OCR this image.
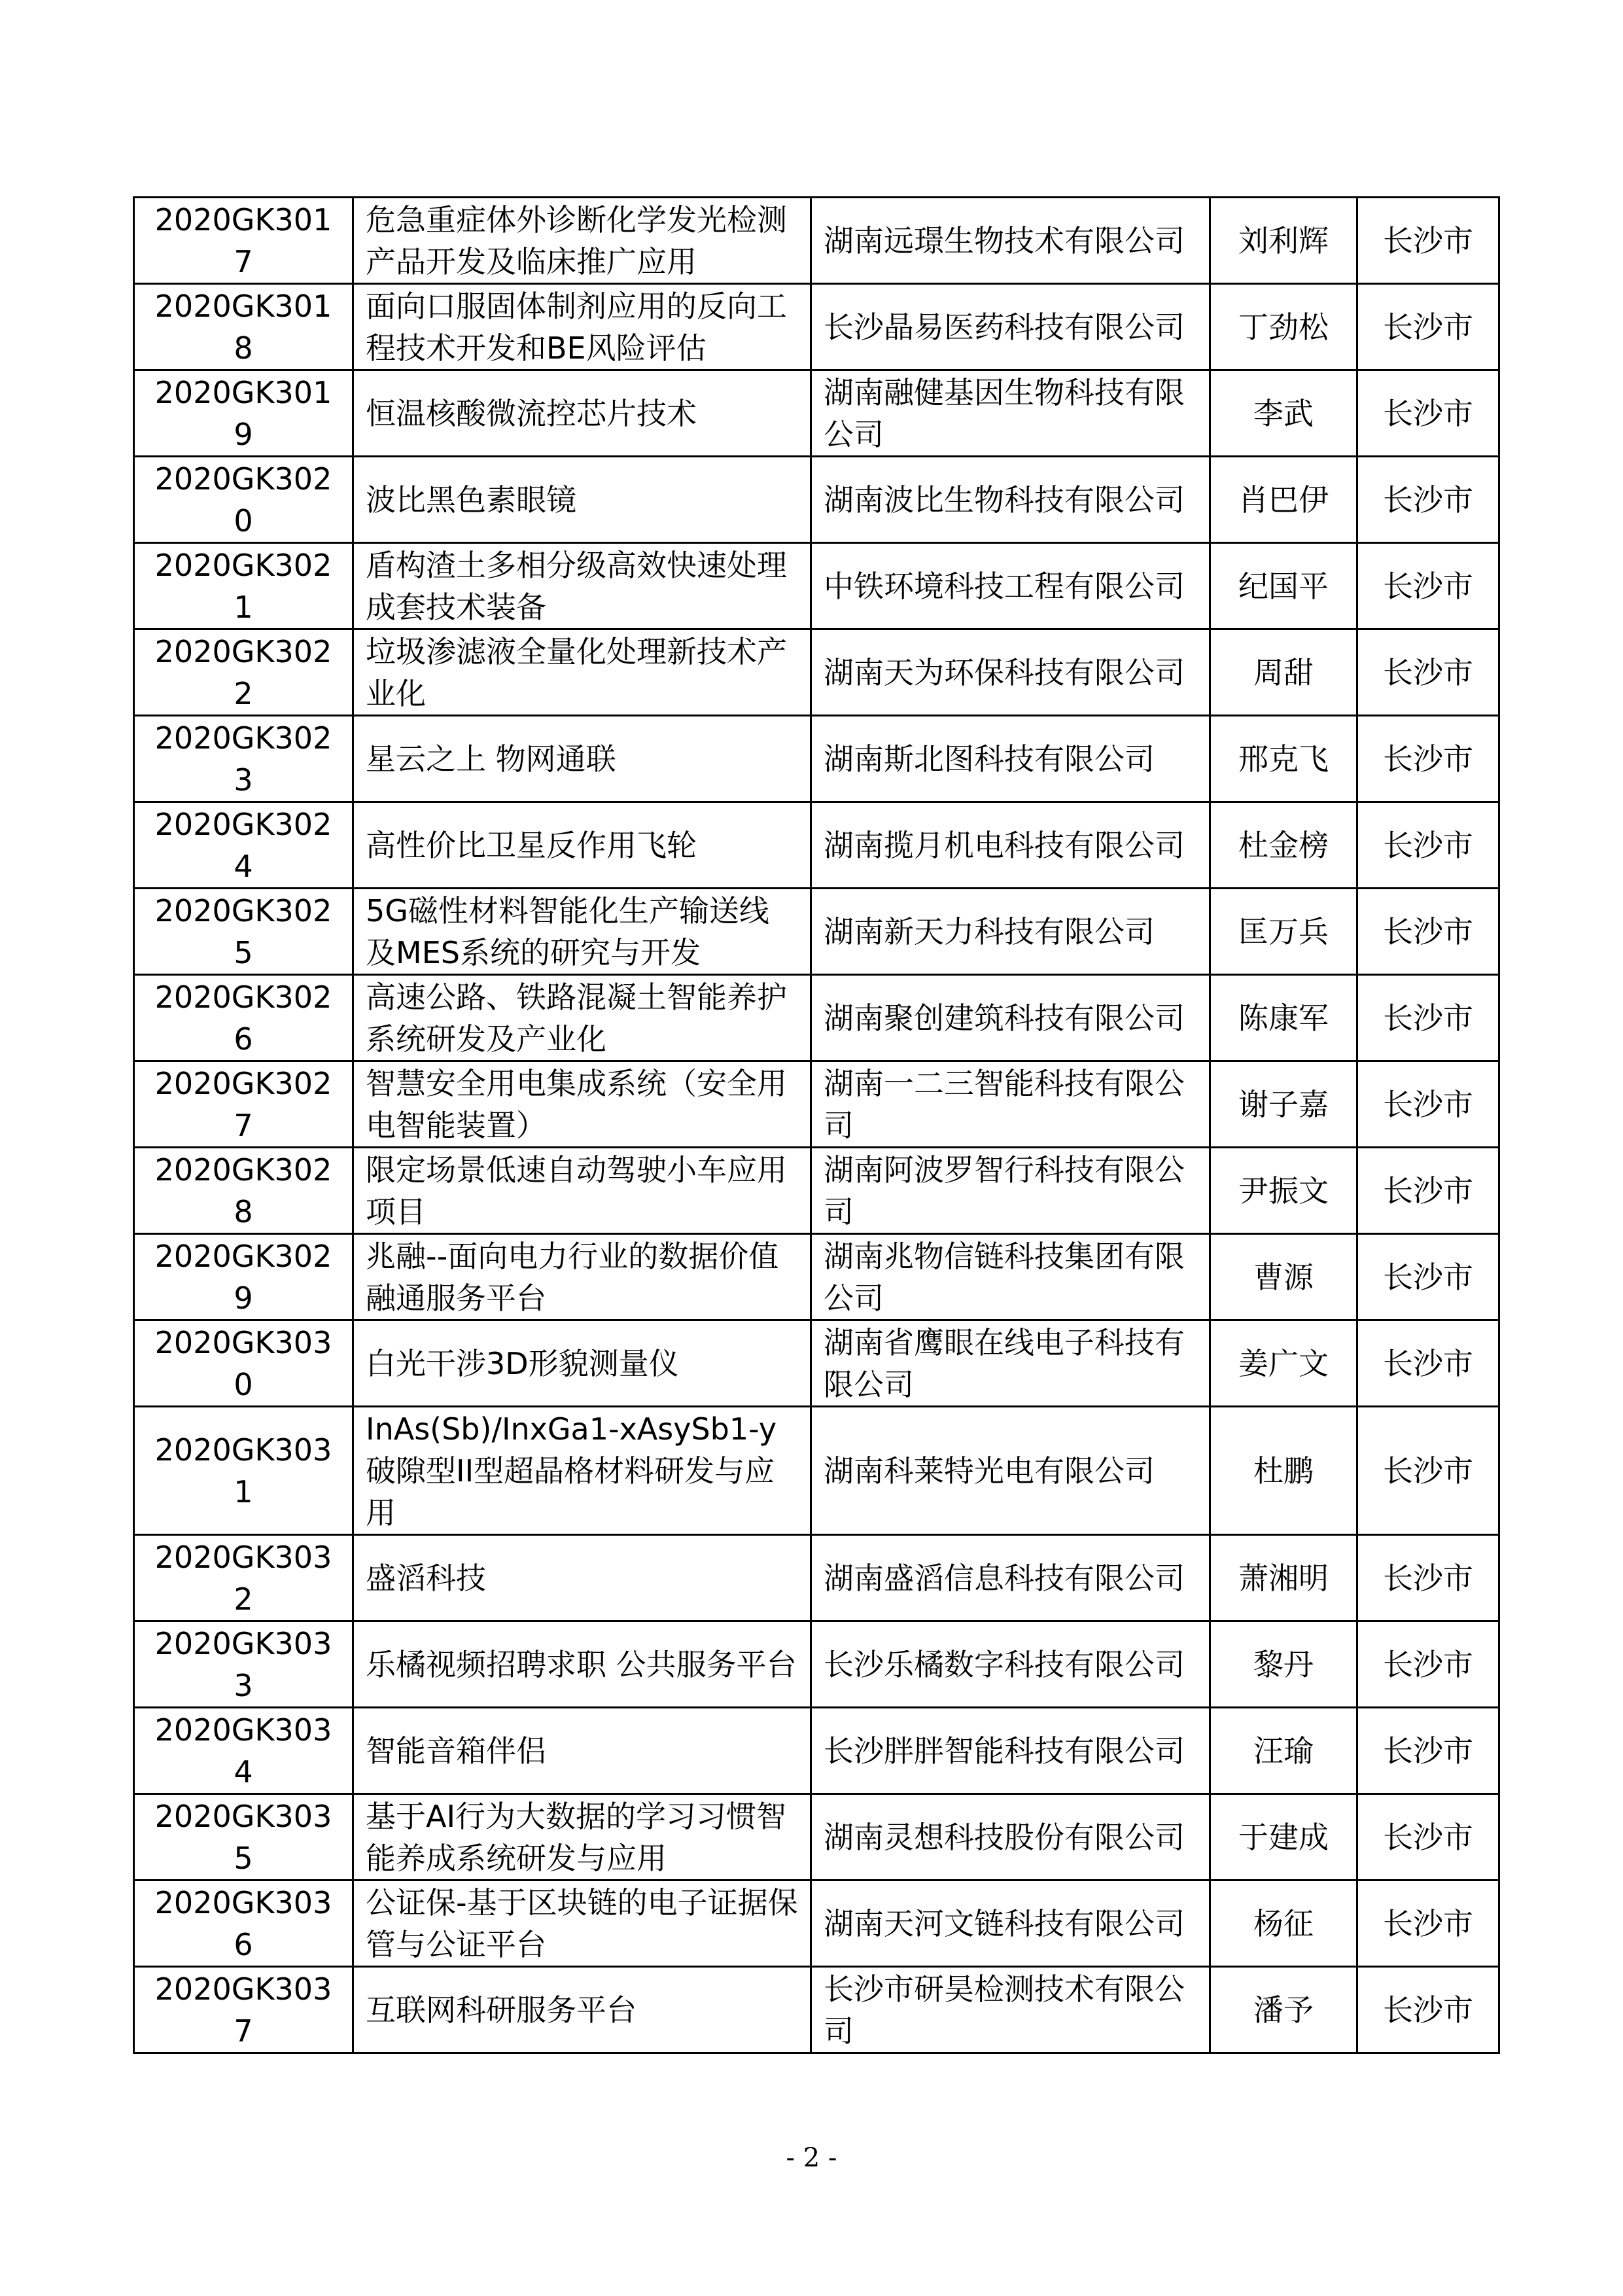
2020GK3017	危急重症体外诊断化学发光检测产品开发及临床推广应用	湖南远璟生物技术有限公司	刘利辉	长沙市
2020GK3018	面向口服固体制剂应用的反向工程技术开发和BE风险评估	长沙晶易医药科技有限公司	丁劲松	长沙市
2020GK3019	恒温核酸微流控芯片技术	湖南融健基因生物科技有限公司	李武	长沙市
2020GK3020	波比黑色素眼镜	湖南波比生物科技有限公司	肖巴伊	长沙市
2020GK3021	盾构渣土多相分级高效快速处理成套技术装备	中铁环境科技工程有限公司	纪国平	长沙市
2020GK3022	垃圾渗滤液全量化处理新技术产业化	湖南天为环保科技有限公司	周甜	长沙市
2020GK3023	星云之上 物网通联	湖南斯北图科技有限公司	邢克飞	长沙市
2020GK3024	高性价比卫星反作用飞轮	湖南揽月机电科技有限公司	杜金榜	长沙市
2020GK3025	5G磁性材料智能化生产输送线及MES系统的研究与开发	湖南新天力科技有限公司	匡万兵	长沙市
2020GK3026	高速公路、铁路混凝土智能养护系统研发及产业化	湖南聚创建筑科技有限公司	陈康军	长沙市
2020GK3027	智慧安全用电集成系统（安全用电智能装置）	湖南一二三智能科技有限公司	谢子嘉	长沙市
2020GK3028	限定场景低速自动驾驶小车应用项目	湖南阿波罗智行科技有限公司	尹振文	长沙市
2020GK3029	兆融--面向电力行业的数据价值融通服务平台	湖南兆物信链科技集团有限公司	曹源	长沙市
2020GK3030	白光干涉3D形貌测量仪	湖南省鹰眼在线电子科技有限公司	姜广文	长沙市
2020GK3031	InAs(Sb)/InxGa1-xAsySb1-y破隙型II型超晶格材料研发与应用	湖南科莱特光电有限公司	杜鹏	长沙市
2020GK3032	盛滔科技	湖南盛滔信息科技有限公司	萧湘明	长沙市
2020GK3033	乐橘视频招聘求职 公共服务平台	长沙乐橘数字科技有限公司	黎丹	长沙市
2020GK3034	智能音箱伴侣	长沙胖胖智能科技有限公司	汪瑜	长沙市
2020GK3035	基于AI行为大数据的学习习惯智能养成系统研发与应用	湖南灵想科技股份有限公司	于建成	长沙市
2020GK3036	公证保-基于区块链的电子证据保管与公证平台	湖南天河文链科技有限公司	杨征	长沙市
2020GK3037	互联网科研服务平台	长沙市研昊检测技术有限公司	潘予	长沙市
- 2 -
